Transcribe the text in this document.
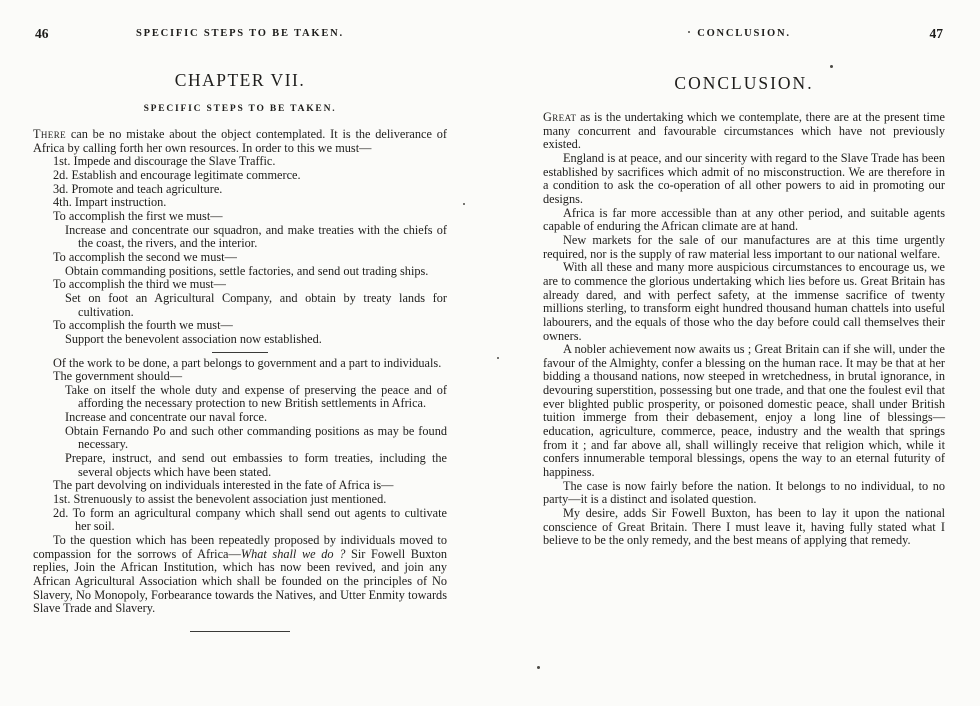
46	SPECIFIC STEPS TO BE TAKEN.
CHAPTER VII.
SPECIFIC STEPS TO BE TAKEN.

There can be no mistake about the object contemplated. It is the deliverance of Africa by calling forth her own resources. In order to this we must—

1st. Impede and discourage the Slave Traffic.

2d. Establish and encourage legitimate commerce.

3d. Promote and teach agriculture.

4th. Impart instruction.

To accomplish the first we must—

Increase and concentrate our squadron, and make treaties with the chiefs of the coast, the rivers, and the interior.

To accomplish the second we must—

Obtain commanding positions, settle factories, and send out trading ships.

To accomplish the third we must—

Set on foot an Agricultural Company, and obtain by treaty lands for cultivation.

To accomplish the fourth we must—

Support the benevolent association now established.

Of the work to be done, a part belongs to government and a part to individuals.

The government should—

Take on itself the whole duty and expense of preserving the peace and of affording the necessary protection to new British settlements in Africa.

Increase and concentrate our naval force.

Obtain Fernando Po and such other commanding positions as may be found necessary.

Prepare, instruct, and send out embassies to form treaties, including the several objects which have been stated.

The part devolving on individuals interested in the fate of Africa is—

1st. Strenuously to assist the benevolent association just mentioned.

2d. To form an agricultural company which shall send out agents to cultivate her soil.

To the question which has been repeatedly proposed by individuals moved to compassion for the sorrows of Africa—What shall we do ? Sir Fowell Buxton replies, Join the African Institution, which has now been revived, and join any African Agricultural Association which shall be founded on the principles of No Slavery, No Monopoly, Forbearance towards the Natives, and Utter Enmity towards Slave Trade and Slavery.

CONCLUSION.	47
CONCLUSION.

Great as is the undertaking which we contemplate, there are at the present time many concurrent and favourable circumstances which have not previously existed.

England is at peace, and our sincerity with regard to the Slave Trade has been established by sacrifices which admit of no misconstruction. We are therefore in a condition to ask the co-operation of all other powers to aid in promoting our designs.

Africa is far more accessible than at any other period, and suitable agents capable of enduring the African climate are at hand.

New markets for the sale of our manufactures are at this time urgently required, nor is the supply of raw material less important to our national welfare.

With all these and many more auspicious circumstances to encourage us, we are to commence the glorious undertaking which lies before us. Great Britain has already dared, and with perfect safety, at the immense sacrifice of twenty millions sterling, to transform eight hundred thousand human chattels into useful labourers, and the equals of those who the day before could call themselves their owners.

A nobler achievement now awaits us ; Great Britain can if she will, under the favour of the Almighty, confer a blessing on the human race. It may be that at her bidding a thousand nations, now steeped in wretchedness, in brutal ignorance, in devouring superstition, possessing but one trade, and that one the foulest evil that ever blighted public prosperity, or poisoned domestic peace, shall under British tuition immerge from their debasement, enjoy a long line of blessings—education, agriculture, commerce, peace, industry and the wealth that springs from it ; and far above all, shall willingly receive that religion which, while it confers innumerable temporal blessings, opens the way to an eternal futurity of happiness.

The case is now fairly before the nation. It belongs to no individual, to no party—it is a distinct and isolated question.

My desire, adds Sir Fowell Buxton, has been to lay it upon the national conscience of Great Britain. There I must leave it, having fully stated what I believe to be the only remedy, and the best means of applying that remedy.
